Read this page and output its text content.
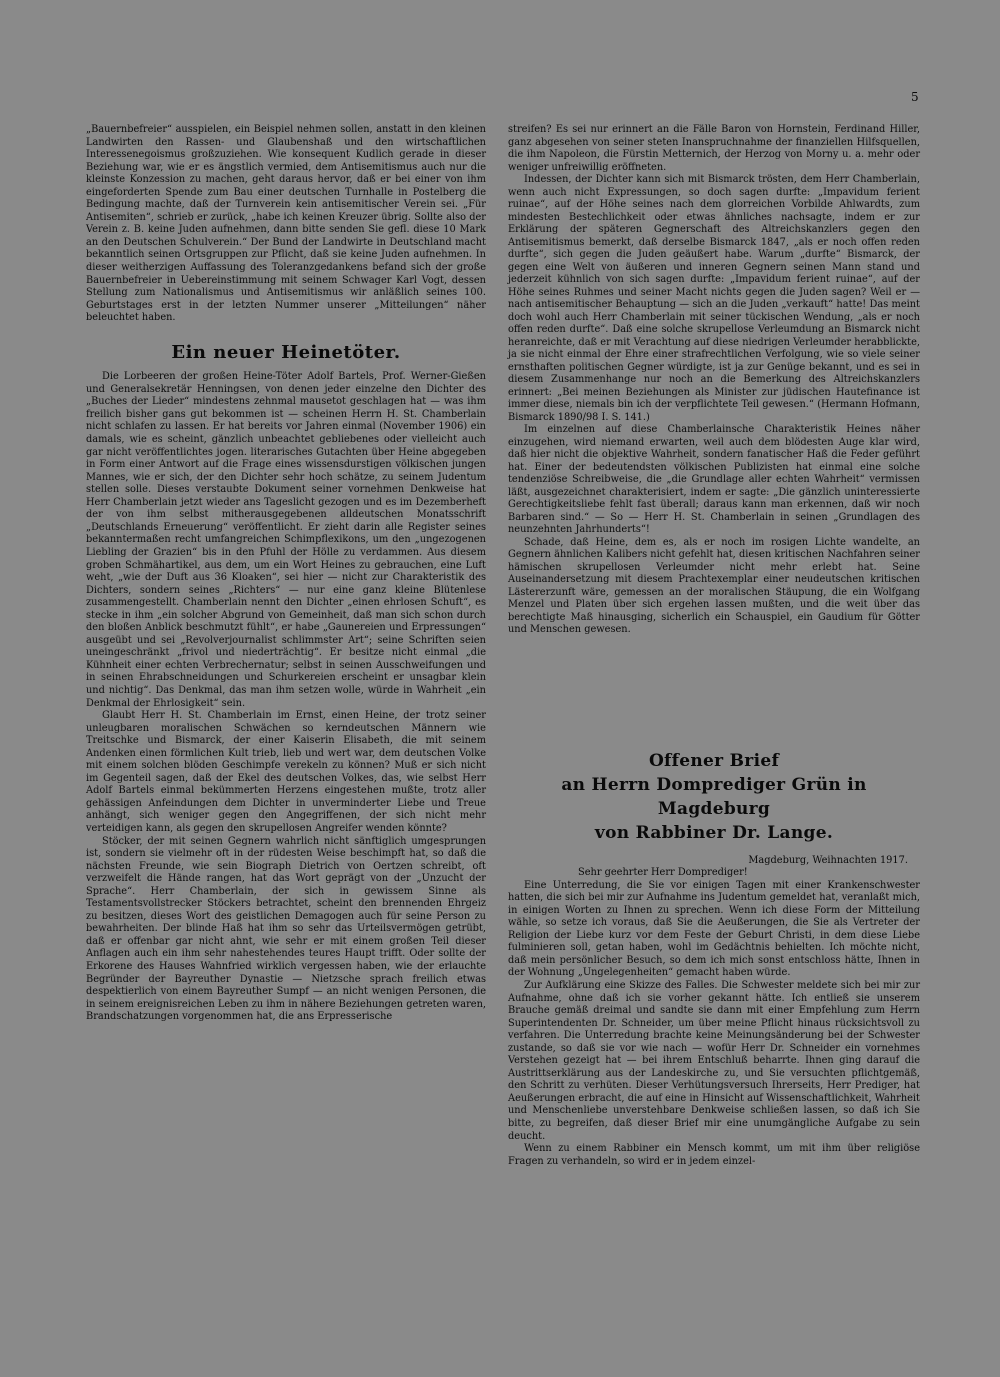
5

„Bauernbefreier“ ausspielen, ein Beispiel nehmen sollen, anstatt in den kleinen Landwirten den Rassen- und Glaubenshaß und den wirtschaftlichen Interessenegoismus großzuziehen. Wie konsequent Kudlich gerade in dieser Beziehung war, wie er es ängstlich vermied, dem Antisemitismus auch nur die kleinste Konzession zu machen, geht daraus hervor, daß er bei einer von ihm eingeforderten Spende zum Bau einer deutschen Turnhalle in Postelberg die Bedingung machte, daß der Turnverein kein antisemitischer Verein sei. „Für Antisemiten“, schrieb er zurück, „habe ich keinen Kreuzer übrig. Sollte also der Verein z. B. keine Juden aufnehmen, dann bitte senden Sie gefl. diese 10 Mark an den Deutschen Schulverein.“ Der Bund der Landwirte in Deutschland macht bekanntlich seinen Ortsgruppen zur Pflicht, daß sie keine Juden aufnehmen. In dieser weitherzigen Auffassung des Toleranzgedankens befand sich der große Bauernbefreier in Uebereinstimmung mit seinem Schwager Karl Vogt, dessen Stellung zum Nationalismus und Antisemitismus wir anläßlich seines 100. Geburtstages erst in der letzten Nummer unserer „Mitteilungen“ näher beleuchtet haben.

Ein neuer Heinetöter.

Die Lorbeeren der großen Heine-Töter Adolf Bartels, Prof. Werner-Gießen und Generalsekretär Henningsen, von denen jeder einzelne den Dichter des „Buches der Lieder“ mindestens zehnmal mausetot geschlagen hat — was ihm freilich bisher gans gut bekommen ist — scheinen Herrn H. St. Chamberlain nicht schlafen zu lassen. Er hat bereits vor Jahren einmal (November 1906) ein damals, wie es scheint, gänzlich unbeachtet gebliebenes oder vielleicht auch gar nicht veröffentlichtes jogen. literarisches Gutachten über Heine abgegeben in Form einer Antwort auf die Frage eines wissensdurstigen völkischen jungen Mannes, wie er sich, der den Dichter sehr hoch schätze, zu seinem Judentum stellen solle. Dieses verstaubte Dokument seiner vornehmen Denkweise hat Herr Chamberlain jetzt wieder ans Tageslicht gezogen und es im Dezemberheft der von ihm selbst mitherausgegebenen alldeutschen Monatsschrift „Deutschlands Erneuerung“ veröffentlicht. Er zieht darin alle Register seines bekanntermaßen recht umfangreichen Schimpflexikons, um den „ungezogenen Liebling der Grazien“ bis in den Pfuhl der Hölle zu verdammen. Aus diesem groben Schmähartikel, aus dem, um ein Wort Heines zu gebrauchen, eine Luft weht, „wie der Duft aus 36 Kloaken“, sei hier — nicht zur Charakteristik des Dichters, sondern seines „Richters“ — nur eine ganz kleine Blütenlese zusammengestellt. Chamberlain nennt den Dichter „einen ehrlosen Schuft“, es stecke in ihm „ein solcher Abgrund von Gemeinheit, daß man sich schon durch den bloßen Anblick beschmutzt fühlt“, er habe „Gaunereien und Erpressungen“ ausgeübt und sei „Revolverjournalist schlimmster Art“; seine Schriften seien uneingeschränkt „frivol und niederträchtig“. Er besitze nicht einmal „die Kühnheit einer echten Verbrechernatur; selbst in seinen Ausschweifungen und in seinen Ehrabschneidungen und Schurkereien erscheint er unsagbar klein und nichtig“. Das Denkmal, das man ihm setzen wolle, würde in Wahrheit „ein Denkmal der Ehrlosigkeit“ sein.

Glaubt Herr H. St. Chamberlain im Ernst, einen Heine, der trotz seiner unleugbaren moralischen Schwächen so kerndeutschen Männern wie Treitschke und Bismarck, der einer Kaiserin Elisabeth, die mit seinem Andenken einen förmlichen Kult trieb, lieb und wert war, dem deutschen Volke mit einem solchen blöden Geschimpfe verekeln zu können? Muß er sich nicht im Gegenteil sagen, daß der Ekel des deutschen Volkes, das, wie selbst Herr Adolf Bartels einmal bekümmerten Herzens eingestehen mußte, trotz aller gehässigen Anfeindungen dem Dichter in unverminderter Liebe und Treue anhängt, sich weniger gegen den Angegriffenen, der sich nicht mehr verteidigen kann, als gegen den skrupellosen Angreifer wenden könnte?

Stöcker, der mit seinen Gegnern wahrlich nicht sänftiglich umgesprungen ist, sondern sie vielmehr oft in der rüdesten Weise beschimpft hat, so daß die nächsten Freunde, wie sein Biograph Dietrich von Oertzen schreibt, oft verzweifelt die Hände rangen, hat das Wort geprägt von der „Unzucht der Sprache“. Herr Chamberlain, der sich in gewissem Sinne als Testamentsvollstrecker Stöckers betrachtet, scheint den brennenden Ehrgeiz zu besitzen, dieses Wort des geistlichen Demagogen auch für seine Person zu bewahrheiten. Der blinde Haß hat ihm so sehr das Urteilsvermögen getrübt, daß er offenbar gar nicht ahnt, wie sehr er mit einem großen Teil dieser Anflagen auch ein ihm sehr nahestehendes teures Haupt trifft. Oder sollte der Erkorene des Hauses Wahnfried wirklich vergessen haben, wie der erlauchte Begründer der Bayreuther Dynastie — Nietzsche sprach freilich etwas despektierlich von einem Bayreuther Sumpf — an nicht wenigen Personen, die in seinem ereignisreichen Leben zu ihm in nähere Beziehungen getreten waren, Brandschatzungen vorgenommen hat, die ans Erpresserische

streifen? Es sei nur erinnert an die Fälle Baron von Hornstein, Ferdinand Hiller, ganz abgesehen von seiner steten Inanspruchnahme der finanziellen Hilfsquellen, die ihm Napoleon, die Fürstin Metternich, der Herzog von Morny u. a. mehr oder weniger unfreiwillig eröffneten.

Indessen, der Dichter kann sich mit Bismarck trösten, dem Herr Chamberlain, wenn auch nicht Expressungen, so doch sagen durfte: „Impavidum ferient ruinae“, auf der Höhe seines nach dem glorreichen Vorbilde Ahlwardts, zum mindesten Bestechlichkeit oder etwas ähnliches nachsagte, indem er zur Erklärung der späteren Gegnerschaft des Altreichskanzlers gegen den Antisemitismus bemerkt, daß derselbe Bismarck 1847, „als er noch offen reden durfte“, sich gegen die Juden geäußert habe. Warum „durfte“ Bismarck, der gegen eine Welt von äußeren und inneren Gegnern seinen Mann stand und jederzeit kühnlich von sich sagen durfte: „Impavidum ferient ruinae“, auf der Höhe seines Ruhmes und seiner Macht nichts gegen die Juden sagen? Weil er — nach antisemitischer Behauptung — sich an die Juden „verkauft“ hatte! Das meint doch wohl auch Herr Chamberlain mit seiner tückischen Wendung, „als er noch offen reden durfte“. Daß eine solche skrupellose Verleumdung an Bismarck nicht heranreichte, daß er mit Verachtung auf diese niedrigen Verleumder herabblickte, ja sie nicht einmal der Ehre einer strafrechtlichen Verfolgung, wie so viele seiner ernsthaften politischen Gegner würdigte, ist ja zur Genüge bekannt, und es sei in diesem Zusammenhange nur noch an die Bemerkung des Altreichskanzlers erinnert: „Bei meinen Beziehungen als Minister zur jüdischen Hautefinance ist immer diese, niemals bin ich der verpflichtete Teil gewesen.“ (Hermann Hofmann, Bismarck 1890/98 I. S. 141.)

Im einzelnen auf diese Chamberlainsche Charakteristik Heines näher einzugehen, wird niemand erwarten, weil auch dem blödesten Auge klar wird, daß hier nicht die objektive Wahrheit, sondern fanatischer Haß die Feder geführt hat. Einer der bedeutendsten völkischen Publizisten hat einmal eine solche tendenziöse Schreibweise, die „die Grundlage aller echten Wahrheit“ vermissen läßt, ausgezeichnet charakterisiert, indem er sagte: „Die gänzlich uninteressierte Gerechtigkeitsliebe fehlt fast überall; daraus kann man erkennen, daß wir noch Barbaren sind.“ — So — Herr H. St. Chamberlain in seinen „Grundlagen des neunzehnten Jahrhunderts“!

Schade, daß Heine, dem es, als er noch im rosigen Lichte wandelte, an Gegnern ähnlichen Kalibers nicht gefehlt hat, diesen kritischen Nachfahren seiner hämischen skrupellosen Verleumder nicht mehr erlebt hat. Seine Auseinandersetzung mit diesem Prachtexemplar einer neudeutschen kritischen Lästererzunft wäre, gemessen an der moralischen Stäupung, die ein Wolfgang Menzel und Platen über sich ergehen lassen mußten, und die weit über das berechtigte Maß hinausging, sicherlich ein Schauspiel, ein Gaudium für Götter und Menschen gewesen.

Offener Brief
an Herrn Domprediger Grün in Magdeburg
von Rabbiner Dr. Lange.

Magdeburg, Weihnachten 1917.

Sehr geehrter Herr Domprediger!

Eine Unterredung, die Sie vor einigen Tagen mit einer Krankenschwester hatten, die sich bei mir zur Aufnahme ins Judentum gemeldet hat, veranlaßt mich, in einigen Worten zu Ihnen zu sprechen. Wenn ich diese Form der Mitteilung wähle, so setze ich voraus, daß Sie die Aeußerungen, die Sie als Vertreter der Religion der Liebe kurz vor dem Feste der Geburt Christi, in dem diese Liebe fulminieren soll, getan haben, wohl im Gedächtnis behielten. Ich möchte nicht, daß mein persönlicher Besuch, so dem ich mich sonst entschloss hätte, Ihnen in der Wohnung „Ungelegenheiten“ gemacht haben würde.

Zur Aufklärung eine Skizze des Falles. Die Schwester meldete sich bei mir zur Aufnahme, ohne daß ich sie vorher gekannt hätte. Ich entließ sie unserem Brauche gemäß dreimal und sandte sie dann mit einer Empfehlung zum Herrn Superintendenten Dr. Schneider, um über meine Pflicht hinaus rücksichtsvoll zu verfahren. Die Unterredung brachte keine Meinungsänderung bei der Schwester zustande, so daß sie vor wie nach — wofür Herr Dr. Schneider ein vornehmes Verstehen gezeigt hat — bei ihrem Entschluß beharrte. Ihnen ging darauf die Austrittserklärung aus der Landeskirche zu, und Sie versuchten pflichtgemäß, den Schritt zu verhüten. Dieser Verhütungsversuch Ihrerseits, Herr Prediger, hat Aeußerungen erbracht, die auf eine in Hinsicht auf Wissenschaftlichkeit, Wahrheit und Menschenliebe unverstehbare Denkweise schließen lassen, so daß ich Sie bitte, zu begreifen, daß dieser Brief mir eine unumgängliche Aufgabe zu sein deucht.

Wenn zu einem Rabbiner ein Mensch kommt, um mit ihm über religiöse Fragen zu verhandeln, so wird er in jedem einzel-
